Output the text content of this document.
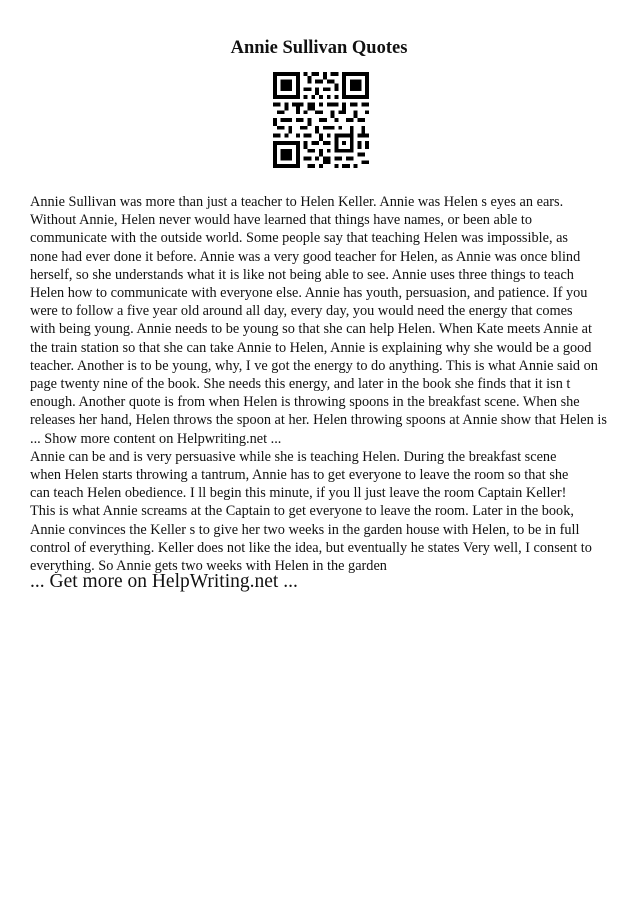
Annie Sullivan Quotes
Annie Sullivan was more than just a teacher to Helen Keller. Annie was Helen s eyes an ears.
Without Annie, Helen never would have learned that things have names, or been able to
communicate with the outside world. Some people say that teaching Helen was impossible, as
none had ever done it before. Annie was a very good teacher for Helen, as Annie was once blind
herself, so she understands what it is like not being able to see. Annie uses three things to teach
Helen how to communicate with everyone else. Annie has youth, persuasion, and patience. If you
were to follow a five year old around all day, every day, you would need the energy that comes
with being young. Annie needs to be young so that she can help Helen. When Kate meets Annie at
the train station so that she can take Annie to Helen, Annie is explaining why she would be a good
teacher. Another is to be young, why, I ve got the energy to do anything. This is what Annie said on
page twenty nine of the book. She needs this energy, and later in the book she finds that it isn t
enough. Another quote is from when Helen is throwing spoons in the breakfast scene. When she
releases her hand, Helen throws the spoon at her. Helen throwing spoons at Annie show that Helen is
... Show more content on Helpwriting.net ...
Annie can be and is very persuasive while she is teaching Helen. During the breakfast scene
when Helen starts throwing a tantrum, Annie has to get everyone to leave the room so that she
can teach Helen obedience. I ll begin this minute, if you ll just leave the room Captain Keller!
This is what Annie screams at the Captain to get everyone to leave the room. Later in the book,
Annie convinces the Keller s to give her two weeks in the garden house with Helen, to be in full
control of everything. Keller does not like the idea, but eventually he states Very well, I consent to
everything. So Annie gets two weeks with Helen in the garden
... Get more on HelpWriting.net ...
